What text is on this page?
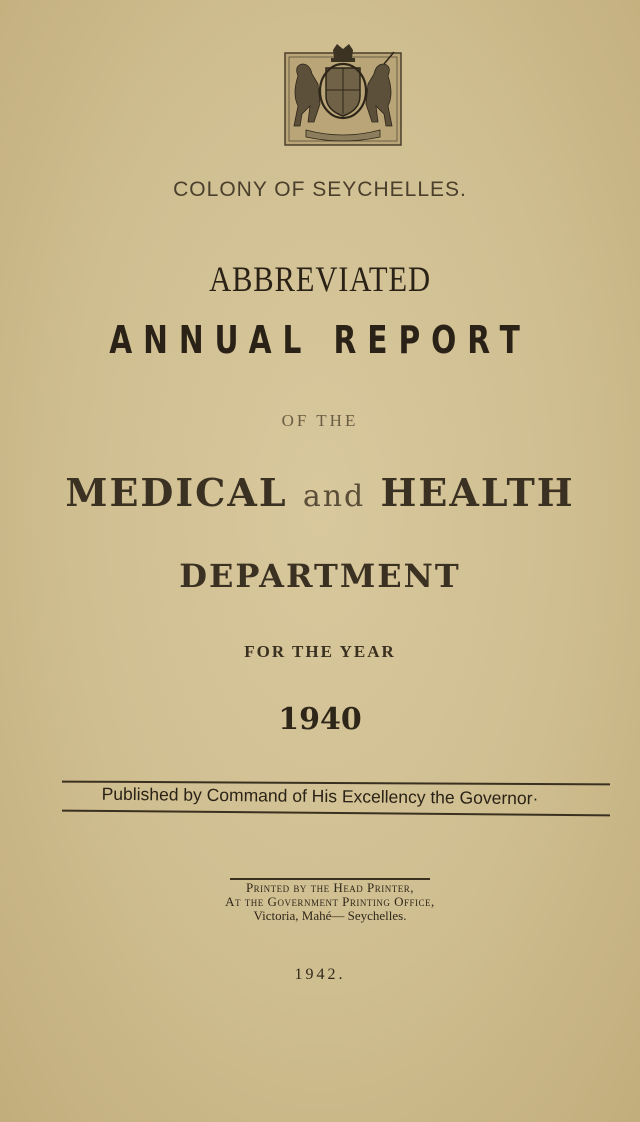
COLONY OF SEYCHELLES.
ABBREVIATED
ANNUAL REPORT
OF THE
MEDICAL and HEALTH
DEPARTMENT
FOR THE YEAR
1940
Published by Command of His Excellency the Governor·
Printed by the Head Printer,
At the Government Printing Office,
Victoria, Mahé— Seychelles.
1942.
